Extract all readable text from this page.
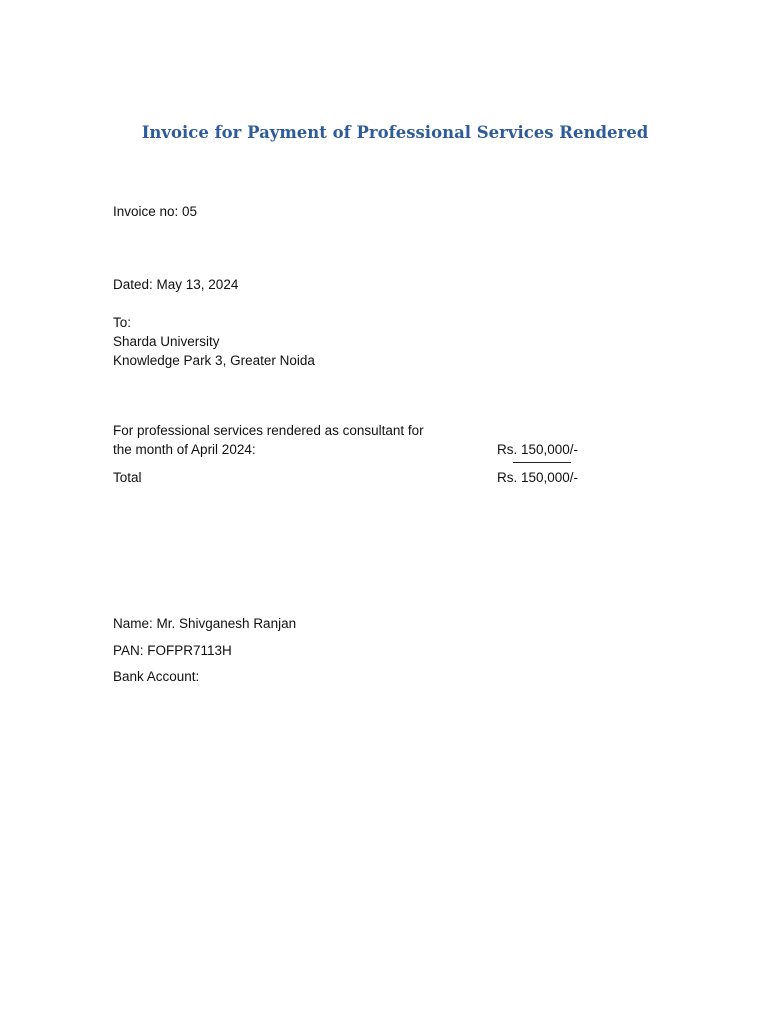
Invoice for Payment of Professional Services Rendered
Invoice no: 05
Dated: May 13, 2024
To:
Sharda University
Knowledge Park 3, Greater Noida
For professional services rendered as consultant for
the month of April 2024:	Rs. 150,000/-
Total	Rs. 150,000/-
Name: Mr. Shivganesh Ranjan
PAN: FOFPR7113H
Bank Account:
